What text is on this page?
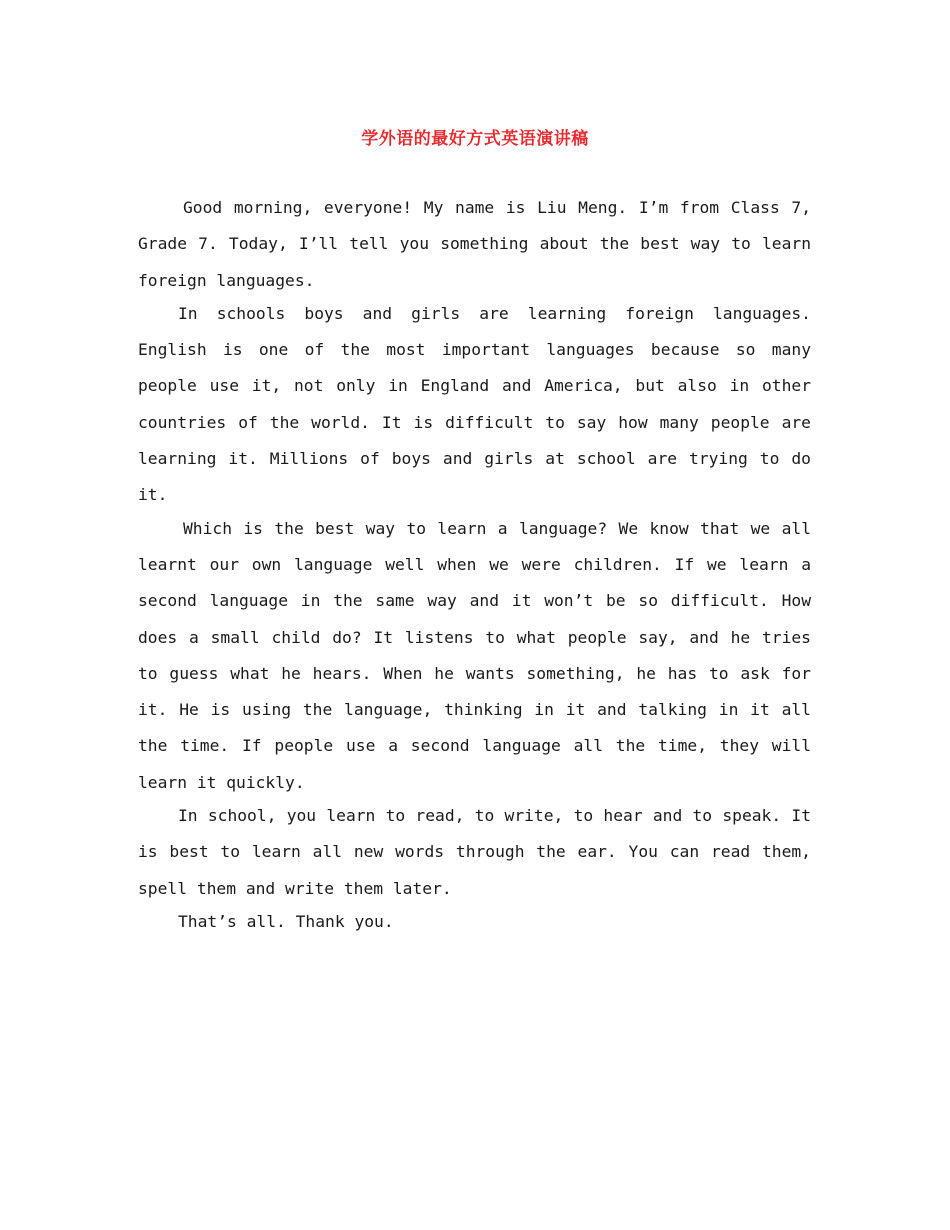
学外语的最好方式英语演讲稿

Good morning, everyone! My name is Liu Meng. I’m from Class 7, Grade 7. Today, I’ll tell you something about the best way to learn foreign languages.

In schools boys and girls are learning foreign languages. English is one of the most important languages because so many people use it, not only in England and America, but also in other countries of the world. It is difficult to say how many people are learning it. Millions of boys and girls at school are trying to do it.

Which is the best way to learn a language? We know that we all learnt our own language well when we were children. If we learn a second language in the same way and it won’t be so difficult. How does a small child do? It listens to what people say, and he tries to guess what he hears. When he wants something, he has to ask for it. He is using the language, thinking in it and talking in it all the time. If people use a second language all the time, they will learn it quickly.

In school, you learn to read, to write, to hear and to speak. It is best to learn all new words through the ear. You can read them, spell them and write them later.

That’s all. Thank you.
